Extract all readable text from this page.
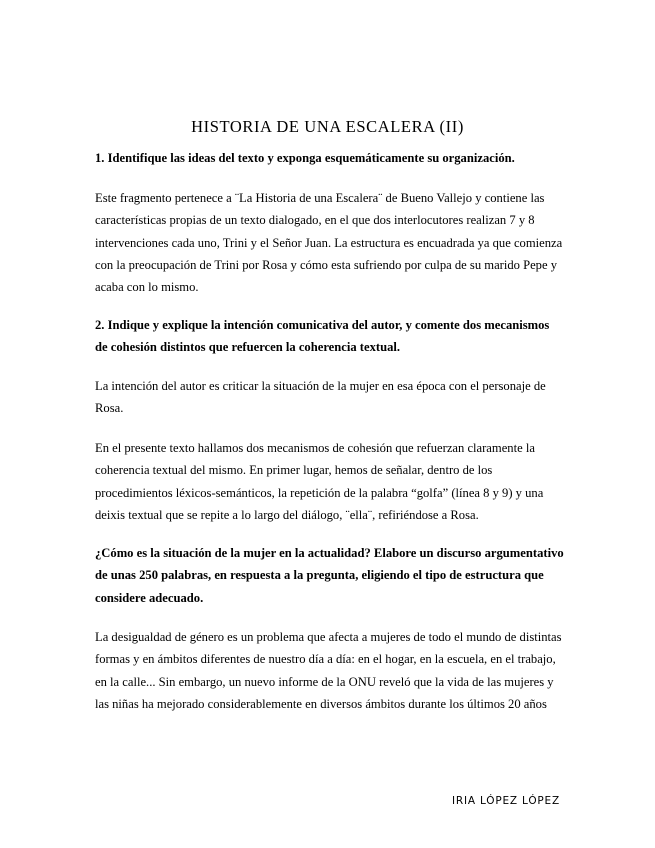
HISTORIA DE UNA ESCALERA (II)

1. Identifique las ideas del texto y exponga esquemáticamente su organización.

Este fragmento pertenece a ¨La Historia de una Escalera¨ de Bueno Vallejo y contiene las características propias de un texto dialogado, en el que dos interlocutores realizan 7 y 8 intervenciones cada uno, Trini y el Señor Juan. La estructura es encuadrada ya que comienza con la preocupación de Trini por Rosa y cómo esta sufriendo por culpa de su marido Pepe y acaba con lo mismo.

2. Indique y explique la intención comunicativa del autor, y comente dos mecanismos de cohesión distintos que refuercen la coherencia textual.

La intención del autor es criticar la situación de la mujer en esa época con el personaje de Rosa.

En el presente texto hallamos dos mecanismos de cohesión que refuerzan claramente la coherencia textual del mismo. En primer lugar, hemos de señalar, dentro de los procedimientos léxicos-semánticos, la repetición de la palabra “golfa” (línea 8 y 9) y una deixis textual que se repite a lo largo del diálogo, ¨ella¨, refiriéndose a Rosa.

¿Cómo es la situación de la mujer en la actualidad? Elabore un discurso argumentativo de unas 250 palabras, en respuesta a la pregunta, eligiendo el tipo de estructura que considere adecuado.

La desigualdad de género es un problema que afecta a mujeres de todo el mundo de distintas formas y en ámbitos diferentes de nuestro día a día: en el hogar, en la escuela, en el trabajo, en la calle... Sin embargo, un nuevo informe de la ONU reveló que la vida de las mujeres y las niñas ha mejorado considerablemente en diversos ámbitos durante los últimos 20 años

IRIA LÓPEZ LÓPEZ
